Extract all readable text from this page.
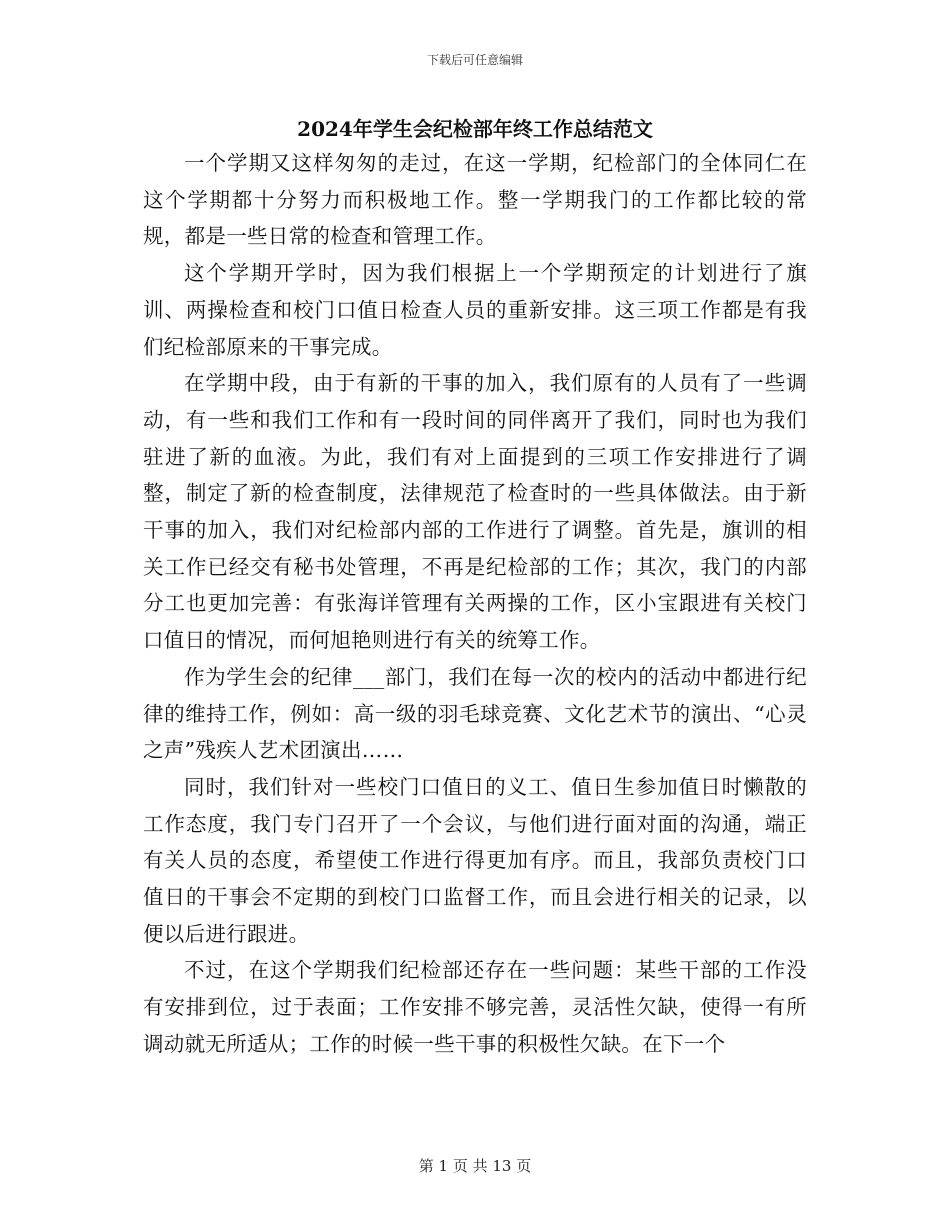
下载后可任意编辑
2024年学生会纪检部年终工作总结范文

一个学期又这样匆匆的走过，在这一学期，纪检部门的全体同仁在这个学期都十分努力而积极地工作。整一学期我门的工作都比较的常规，都是一些日常的检查和管理工作。

这个学期开学时，因为我们根据上一个学期预定的计划进行了旗训、两操检查和校门口值日检查人员的重新安排。这三项工作都是有我们纪检部原来的干事完成。

在学期中段，由于有新的干事的加入，我们原有的人员有了一些调动，有一些和我们工作和有一段时间的同伴离开了我们，同时也为我们驻进了新的血液。为此，我们有对上面提到的三项工作安排进行了调整，制定了新的检查制度，法律规范了检查时的一些具体做法。由于新干事的加入，我们对纪检部内部的工作进行了调整。首先是，旗训的相关工作已经交有秘书处管理，不再是纪检部的工作；其次，我门的内部分工也更加完善：有张海详管理有关两操的工作，区小宝跟进有关校门口值日的情况，而何旭艳则进行有关的统筹工作。

作为学生会的纪律___部门，我们在每一次的校内的活动中都进行纪律的维持工作，例如：高一级的羽毛球竞赛、文化艺术节的演出、“心灵之声”残疾人艺术团演出……

同时，我们针对一些校门口值日的义工、值日生参加值日时懒散的工作态度，我门专门召开了一个会议，与他们进行面对面的沟通，端正有关人员的态度，希望使工作进行得更加有序。而且，我部负责校门口值日的干事会不定期的到校门口监督工作，而且会进行相关的记录，以便以后进行跟进。

不过，在这个学期我们纪检部还存在一些问题：某些干部的工作没有安排到位，过于表面；工作安排不够完善，灵活性欠缺，使得一有所调动就无所适从；工作的时候一些干事的积极性欠缺。在下一个

第 1 页 共 13 页
